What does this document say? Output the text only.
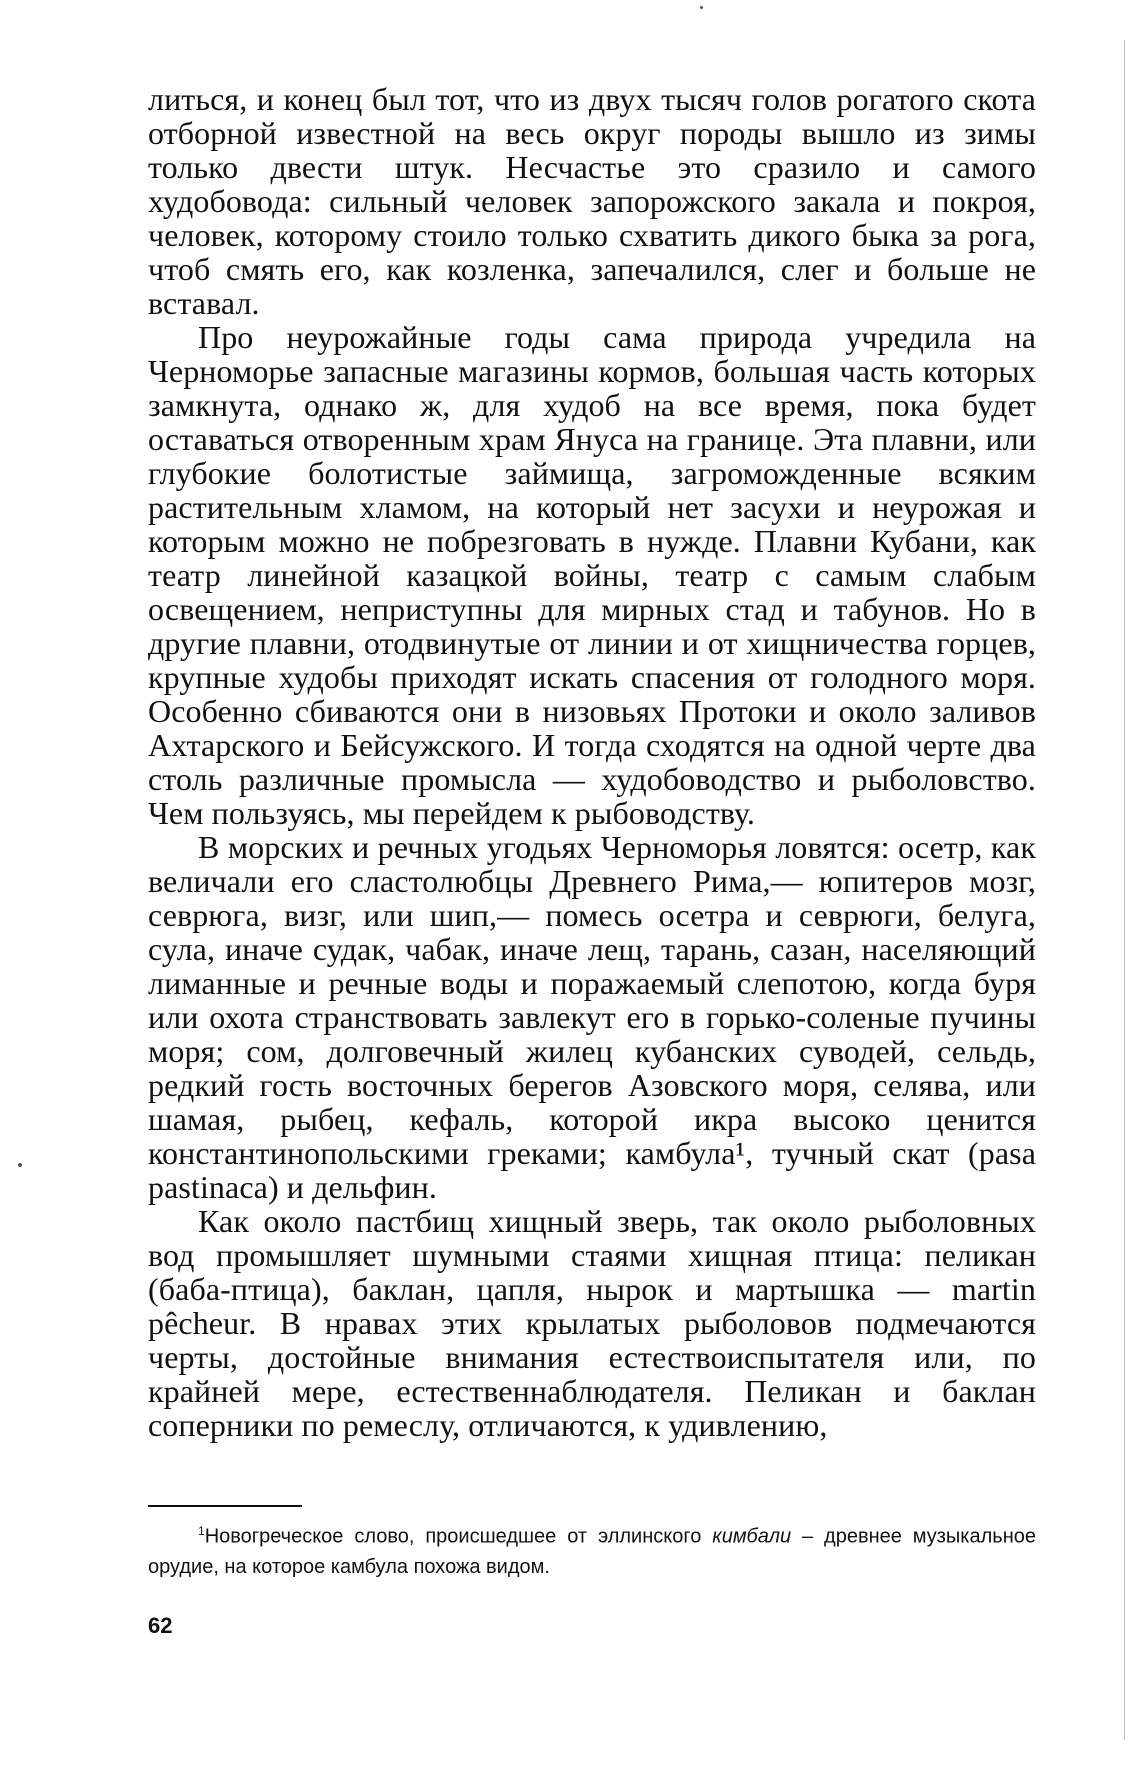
литься, и конец был тот, что из двух тысяч голов рогатого скота отборной известной на весь округ породы вышло из зимы только двести штук. Несчастье это сразило и самого худобовода: сильный человек запорожского закала и покроя, человек, которому стоило только схватить дикого быка за рога, чтоб смять его, как козленка, запечалился, слег и больше не вставал.

Про неурожайные годы сама природа учредила на Черноморье запасные магазины кормов, большая часть которых замкнута, однако ж, для худоб на все время, пока будет оставаться отворенным храм Януса на границе. Эта плавни, или глубокие болотистые займища, загроможденные всяким растительным хламом, на который нет засухи и неурожая и которым можно не побрезговать в нужде. Плавни Кубани, как театр линейной казацкой войны, театр с самым слабым освещением, неприступны для мирных стад и табунов. Но в другие плавни, отодвинутые от линии и от хищничества горцев, крупные худобы приходят искать спасения от голодного моря. Особенно сбиваются они в низовьях Протоки и около заливов Ахтарского и Бейсужского. И тогда сходятся на одной черте два столь различные промысла — худобоводство и рыболовство. Чем пользуясь, мы перейдем к рыбоводству.

В морских и речных угодьях Черноморья ловятся: осетр, как величали его сластолюбцы Древнего Рима,— юпитеров мозг, севрюга, визг, или шип,— помесь осетра и севрюги, белуга, сула, иначе судак, чабак, иначе лещ, тарань, сазан, населяющий лиманные и речные воды и поражаемый слепотою, когда буря или охота странствовать завлекут его в горько-соленые пучины моря; сом, долговечный жилец кубанских суводей, сельдь, редкий гость восточных берегов Азовского моря, селява, или шамая, рыбец, кефаль, которой икра высоко ценится константинопольскими греками; камбула¹, тучный скат (pasa pastinaca) и дельфин.

Как около пастбищ хищный зверь, так около рыболовных вод промышляет шумными стаями хищная птица: пеликан (баба-птица), баклан, цапля, нырок и мартышка — martin pêcheur. В нравах этих крылатых рыболовов подмечаются черты, достойные внимания естествоиспытателя или, по крайней мере, естественнаблюдателя. Пеликан и баклан соперники по ремеслу, отличаются, к удивлению,

$^1$Новогреческое слово, происшедшее от эллинского кимбали – древнее музыкальное орудие, на которое камбула похожа видом.
62
